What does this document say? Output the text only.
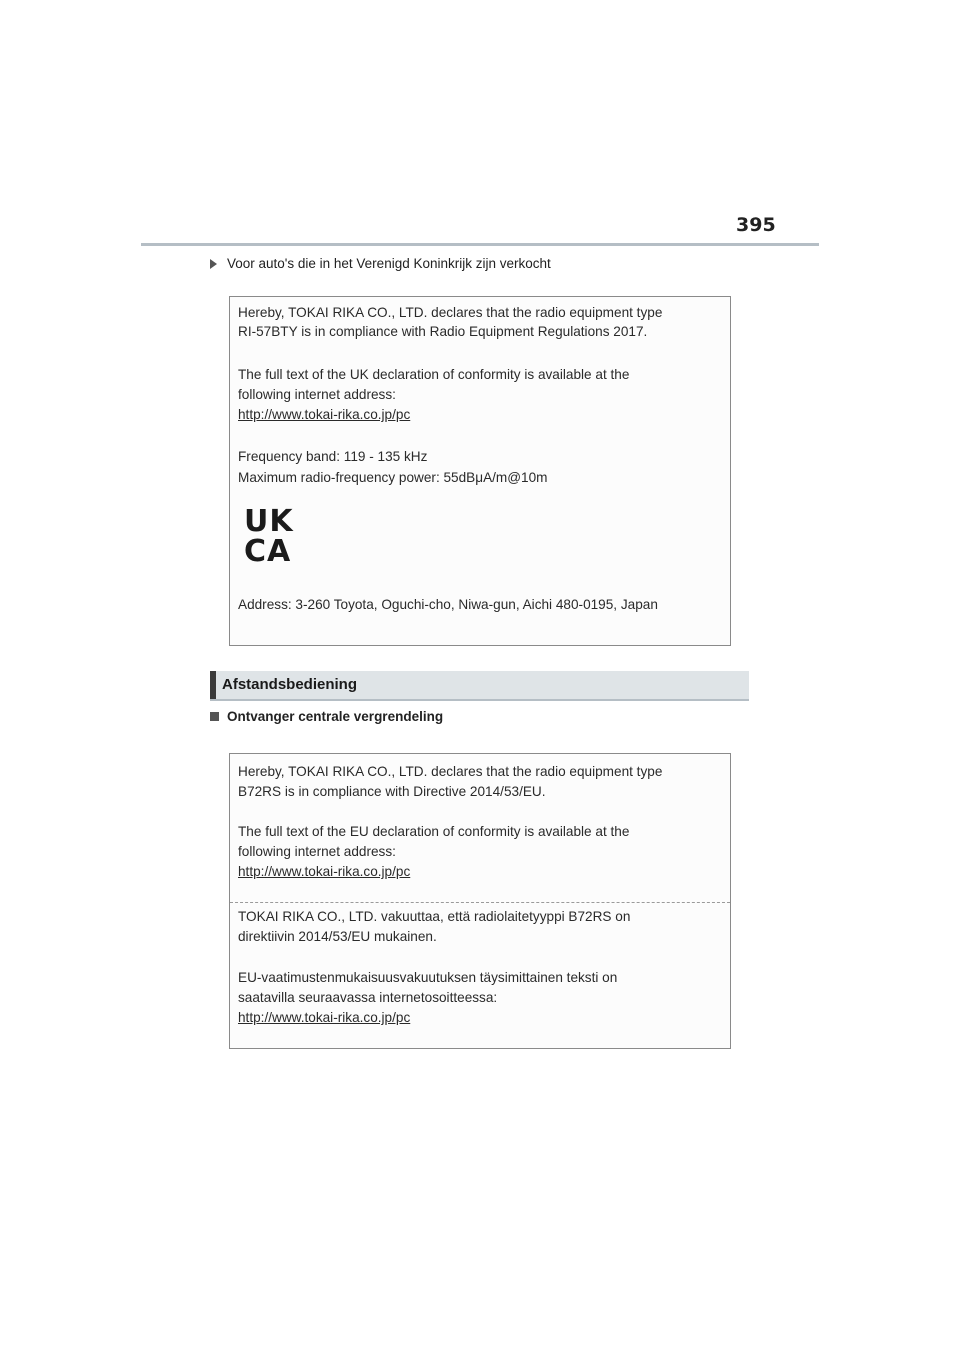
395
Voor auto's die in het Verenigd Koninkrijk zijn verkocht
Hereby, TOKAI RIKA CO., LTD. declares that the radio equipment type
RI-57BTY is in compliance with Radio Equipment Regulations 2017.
The full text of the UK declaration of conformity is available at the
following internet address:
http://www.tokai-rika.co.jp/pc
Frequency band: 119 - 135 kHz
Maximum radio-frequency power: 55dBμA/m@10m
UK
CA
Address: 3-260 Toyota, Oguchi-cho, Niwa-gun, Aichi 480-0195, Japan
Afstandsbediening
Ontvanger centrale vergrendeling
Hereby, TOKAI RIKA CO., LTD. declares that the radio equipment type
B72RS is in compliance with Directive 2014/53/EU.
The full text of the EU declaration of conformity is available at the
following internet address:
http://www.tokai-rika.co.jp/pc
TOKAI RIKA CO., LTD. vakuuttaa, että radiolaitetyyppi B72RS on
direktiivin 2014/53/EU mukainen.
EU-vaatimustenmukaisuusvakuutuksen täysimittainen teksti on
saatavilla seuraavassa internetosoitteessa:
http://www.tokai-rika.co.jp/pc
